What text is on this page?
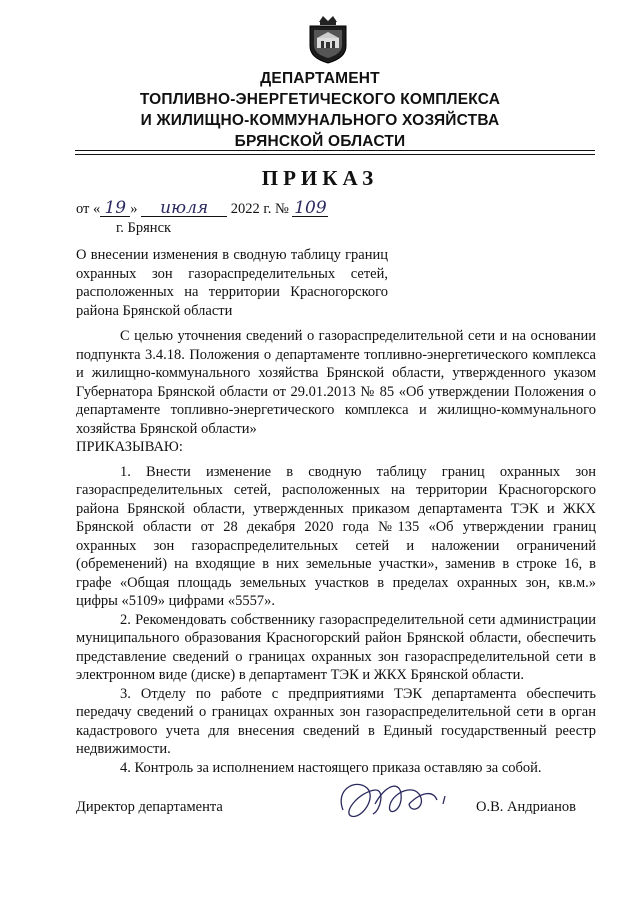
ДЕПАРТАМЕНТ
ТОПЛИВНО-ЭНЕРГЕТИЧЕСКОГО КОМПЛЕКСА
И ЖИЛИЩНО-КОММУНАЛЬНОГО ХОЗЯЙСТВА
БРЯНСКОЙ ОБЛАСТИ
ПРИКАЗ
от « 19 » июля 2022 г. № 109
г. Брянск
О внесении изменения в сводную таблицу границ охранных зон газораспределительных сетей, расположенных на территории Красногорского района Брянской области

С целью уточнения сведений о газораспределительной сети и на основании подпункта 3.4.18. Положения о департаменте топливно-энергетического комплекса и жилищно-коммунального хозяйства Брянской области, утвержденного указом Губернатора Брянской области от 29.01.2013 № 85 «Об утверждении Положения о департаменте топливно-энергетического комплекса и жилищно-коммунального хозяйства Брянской области»

ПРИКАЗЫВАЮ:

1. Внести изменение в сводную таблицу границ охранных зон газораспределительных сетей, расположенных на территории Красногорского района Брянской области, утвержденных приказом департамента ТЭК и ЖКХ Брянской области от 28 декабря 2020 года №135 «Об утверждении границ охранных зон газораспределительных сетей и наложении ограничений (обременений) на входящие в них земельные участки», заменив в строке 16, в графе «Общая площадь земельных участков в пределах охранных зон, кв.м.» цифры «5109» цифрами «5557».

2. Рекомендовать собственнику газораспределительной сети администрации муниципального образования Красногорский район Брянской области, обеспечить представление сведений о границах охранных зон газораспределительной сети в электронном виде (диске) в департамент ТЭК и ЖКХ Брянской области.

3. Отделу по работе с предприятиями ТЭК департамента обеспечить передачу сведений о границах охранных зон газораспределительной сети в орган кадастрового учета для внесения сведений в Единый государственный реестр недвижимости.

4. Контроль за исполнением настоящего приказа оставляю за собой.

Директор департамента	О.В. Андрианов
